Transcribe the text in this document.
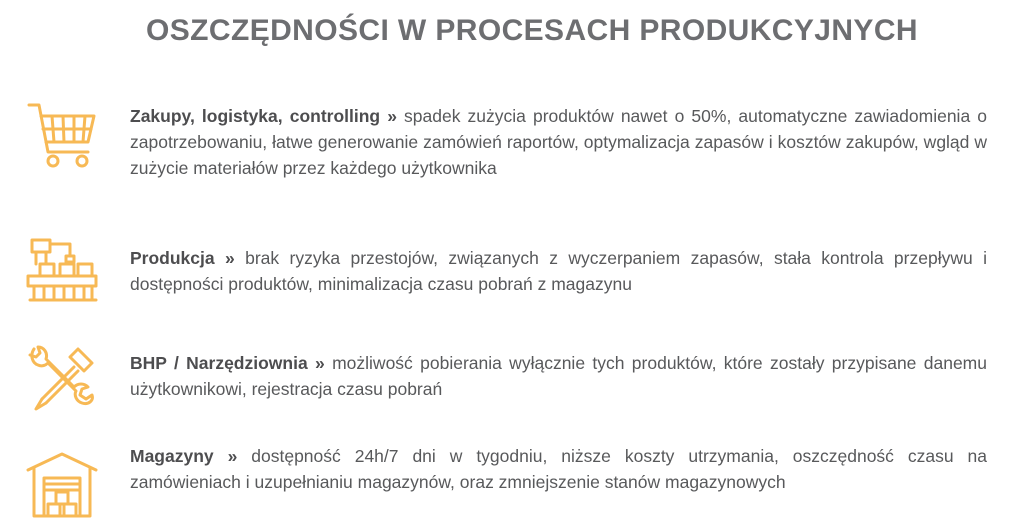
OSZCZĘDNOŚCI W PROCESACH PRODUKCYJNYCH
Zakupy, logistyka, controlling » spadek zużycia produktów nawet o 50%, automatyczne zawiadomienia o zapotrzebowaniu, łatwe generowanie zamówień raportów, optymalizacja zapasów i kosztów zakupów, wgląd w zużycie materiałów przez każdego użytkownika
Produkcja » brak ryzyka przestojów, związanych z wyczerpaniem zapasów, stała kontrola przepływu i dostępności produktów, minimalizacja czasu pobrań z magazynu
BHP / Narzędziownia » możliwość pobierania wyłącznie tych produktów, które zostały przypisane danemu użytkownikowi, rejestracja czasu pobrań
Magazyny » dostępność 24h/7 dni w tygodniu, niższe koszty utrzymania, oszczędność czasu na zamówieniach i uzupełnianiu magazynów, oraz zmniejszenie stanów magazynowych
